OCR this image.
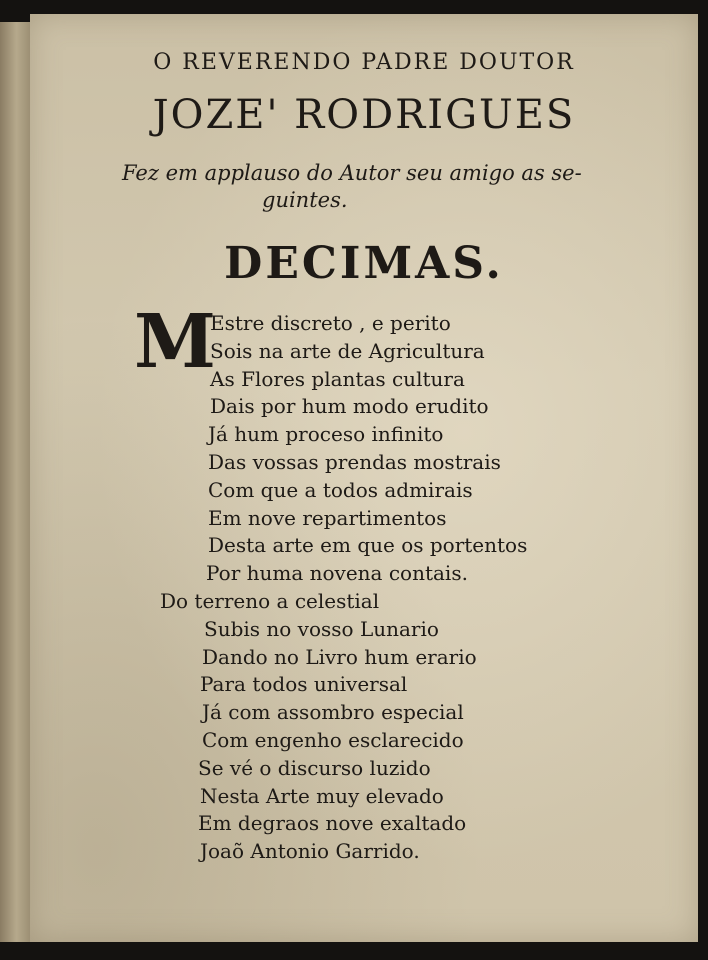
O REVERENDO PADRE DOUTOR
JOZE' RODRIGUES
Fez em applauso do Autor seu amigo as se-
guintes.
DECIMAS.
M
Estre discreto , e perito
Sois na arte de Agricultura
As Flores plantas cultura
Dais por hum modo erudito
Já hum proceso infinito
Das vossas prendas mostrais
Com que a todos admirais
Em nove repartimentos
Desta arte em que os portentos
Por huma novena contais.
Do terreno a celestial
Subis no vosso Lunario
Dando no Livro hum erario
Para todos universal
Já com assombro especial
Com engenho esclarecido
Se vé o discurso luzido
Nesta Arte muy elevado
Em degraos nove exaltado
Joaõ Antonio Garrido.
